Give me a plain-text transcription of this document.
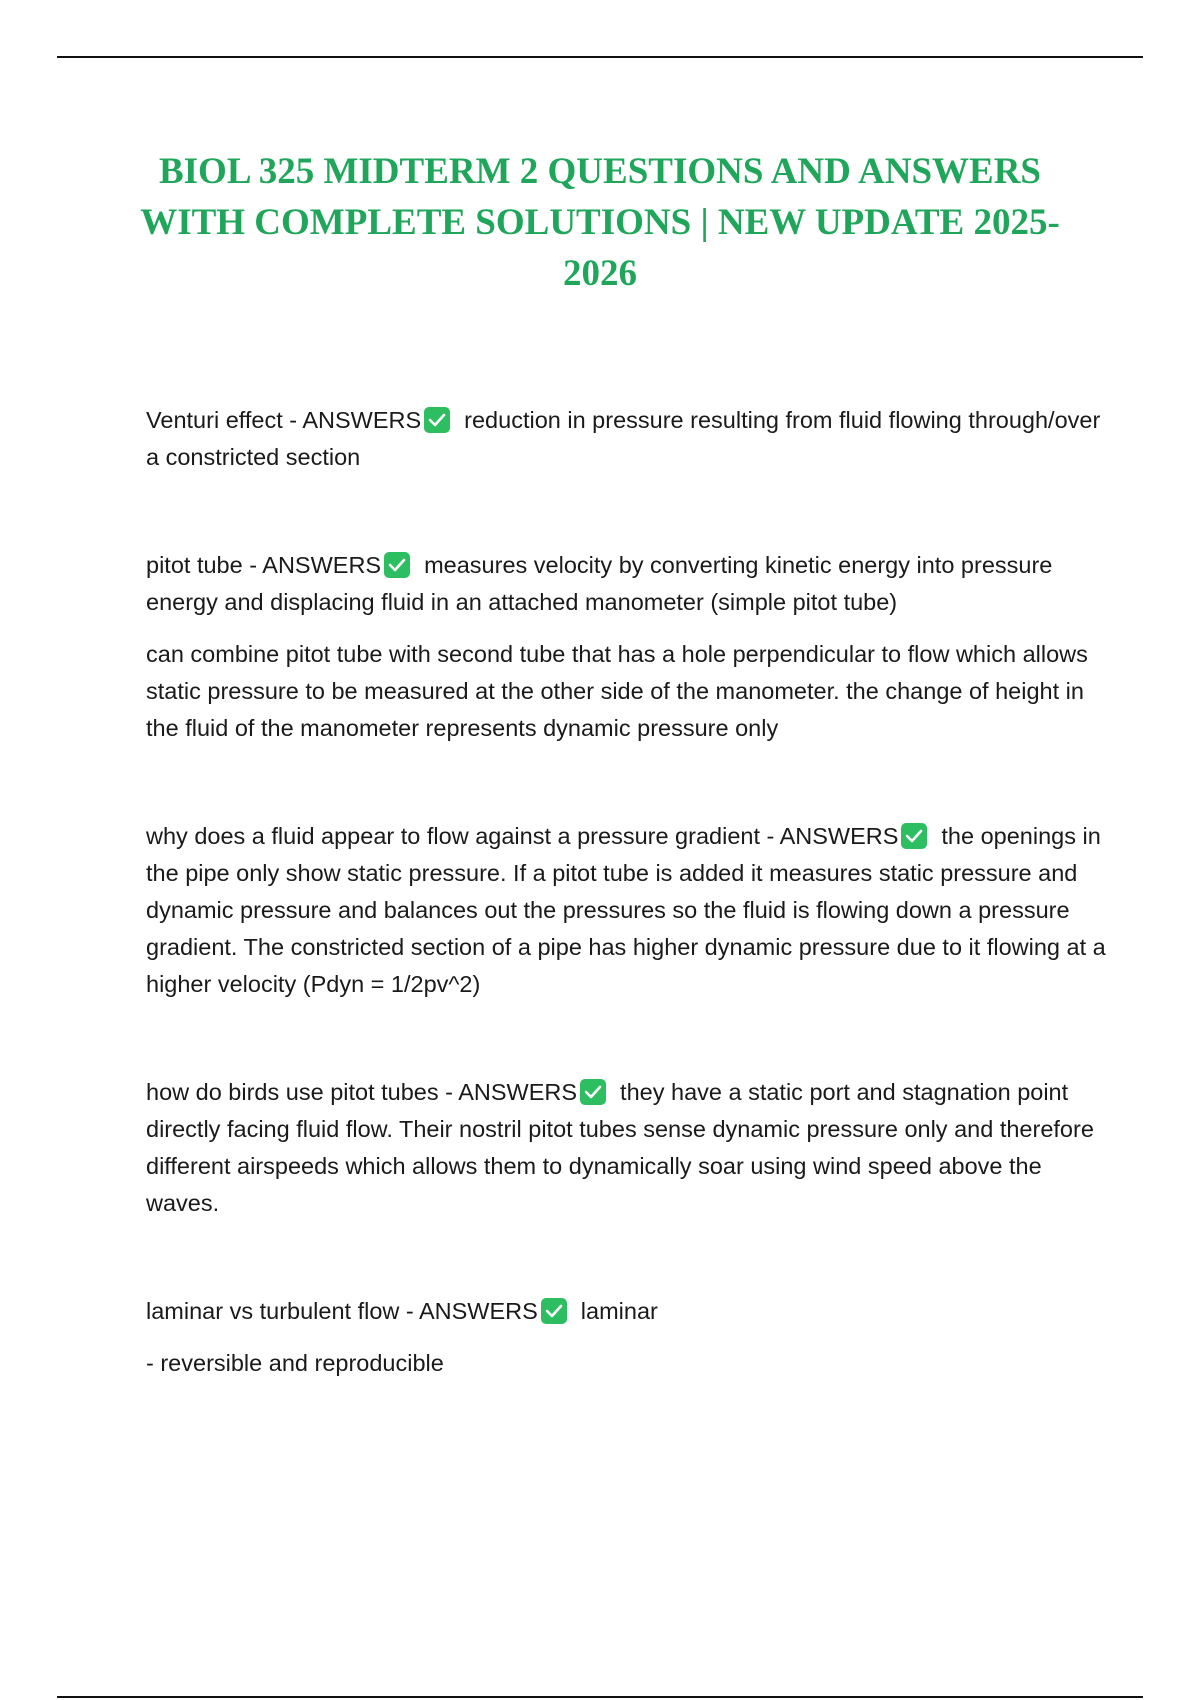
BIOL 325 MIDTERM 2 QUESTIONS AND ANSWERS WITH COMPLETE SOLUTIONS | NEW UPDATE 2025-2026

Venturi effect - ANSWERS reduction in pressure resulting from fluid flowing through/over a constricted section

pitot tube - ANSWERS measures velocity by converting kinetic energy into pressure energy and displacing fluid in an attached manometer (simple pitot tube)

can combine pitot tube with second tube that has a hole perpendicular to flow which allows static pressure to be measured at the other side of the manometer. the change of height in the fluid of the manometer represents dynamic pressure only

why does a fluid appear to flow against a pressure gradient - ANSWERS the openings in the pipe only show static pressure. If a pitot tube is added it measures static pressure and dynamic pressure and balances out the pressures so the fluid is flowing down a pressure gradient. The constricted section of a pipe has higher dynamic pressure due to it flowing at a higher velocity (Pdyn = 1/2pv^2)

how do birds use pitot tubes - ANSWERS they have a static port and stagnation point directly facing fluid flow. Their nostril pitot tubes sense dynamic pressure only and therefore different airspeeds which allows them to dynamically soar using wind speed above the waves.

laminar vs turbulent flow - ANSWERS laminar

- reversible and reproducible
